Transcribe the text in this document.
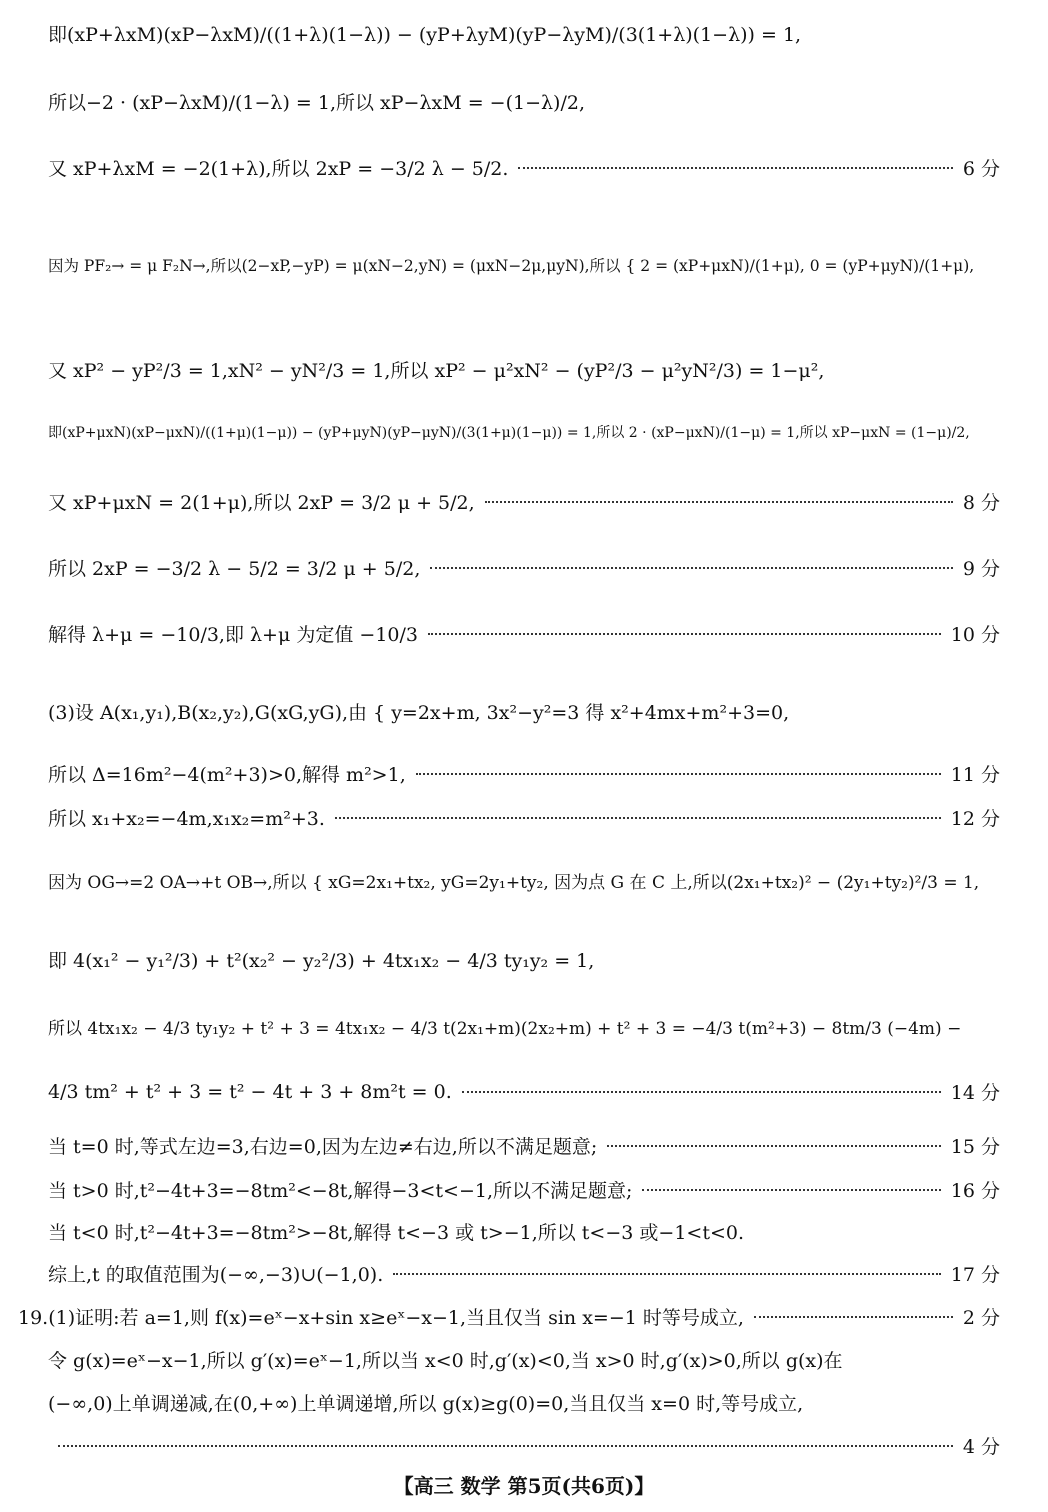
即(xP+λxM)(xP−λxM)/((1+λ)(1−λ)) − (yP+λyM)(yP−λyM)/(3(1+λ)(1−λ)) = 1,
所以−2 · (xP−λxM)/(1−λ) = 1,所以 xP−λxM = −(1−λ)/2,
又 xP+λxM = −2(1+λ),所以 2xP = −3/2 λ − 5/2.	6 分
因为 PF₂→ = μ F₂N→,所以(2−xP,−yP) = μ(xN−2,yN) = (μxN−2μ,μyN),所以 { 2 = (xP+μxN)/(1+μ), 0 = (yP+μyN)/(1+μ),
又 xP² − yP²/3 = 1,xN² − yN²/3 = 1,所以 xP² − μ²xN² − (yP²/3 − μ²yN²/3) = 1−μ²,
即(xP+μxN)(xP−μxN)/((1+μ)(1−μ)) − (yP+μyN)(yP−μyN)/(3(1+μ)(1−μ)) = 1,所以 2 · (xP−μxN)/(1−μ) = 1,所以 xP−μxN = (1−μ)/2,
又 xP+μxN = 2(1+μ),所以 2xP = 3/2 μ + 5/2,	8 分
所以 2xP = −3/2 λ − 5/2 = 3/2 μ + 5/2,	9 分
解得 λ+μ = −10/3,即 λ+μ 为定值 −10/3	10 分
(3)设 A(x₁,y₁),B(x₂,y₂),G(xG,yG),由 { y=2x+m, 3x²−y²=3 得 x²+4mx+m²+3=0,
所以 Δ=16m²−4(m²+3)>0,解得 m²>1,	11 分
所以 x₁+x₂=−4m,x₁x₂=m²+3.	12 分
因为 OG→=2 OA→+t OB→,所以 { xG=2x₁+tx₂, yG=2y₁+ty₂, 因为点 G 在 C 上,所以(2x₁+tx₂)² − (2y₁+ty₂)²/3 = 1,
即 4(x₁² − y₁²/3) + t²(x₂² − y₂²/3) + 4tx₁x₂ − 4/3 ty₁y₂ = 1,
所以 4tx₁x₂ − 4/3 ty₁y₂ + t² + 3 = 4tx₁x₂ − 4/3 t(2x₁+m)(2x₂+m) + t² + 3 = −4/3 t(m²+3) − 8tm/3 (−4m) −
4/3 tm² + t² + 3 = t² − 4t + 3 + 8m²t = 0.	14 分
当 t=0 时,等式左边=3,右边=0,因为左边≠右边,所以不满足题意;	15 分
当 t>0 时,t²−4t+3=−8tm²<−8t,解得−3<t<−1,所以不满足题意;	16 分
当 t<0 时,t²−4t+3=−8tm²>−8t,解得 t<−3 或 t>−1,所以 t<−3 或−1<t<0.
综上,t 的取值范围为(−∞,−3)∪(−1,0).	17 分
19.(1)证明:若 a=1,则 f(x)=eˣ−x+sin x≥eˣ−x−1,当且仅当 sin x=−1 时等号成立,	2 分
令 g(x)=eˣ−x−1,所以 g′(x)=eˣ−1,所以当 x<0 时,g′(x)<0,当 x>0 时,g′(x)>0,所以 g(x)在
(−∞,0)上单调递减,在(0,+∞)上单调递增,所以 g(x)≥g(0)=0,当且仅当 x=0 时,等号成立,
4 分
【高三 数学 第5页(共6页)】
